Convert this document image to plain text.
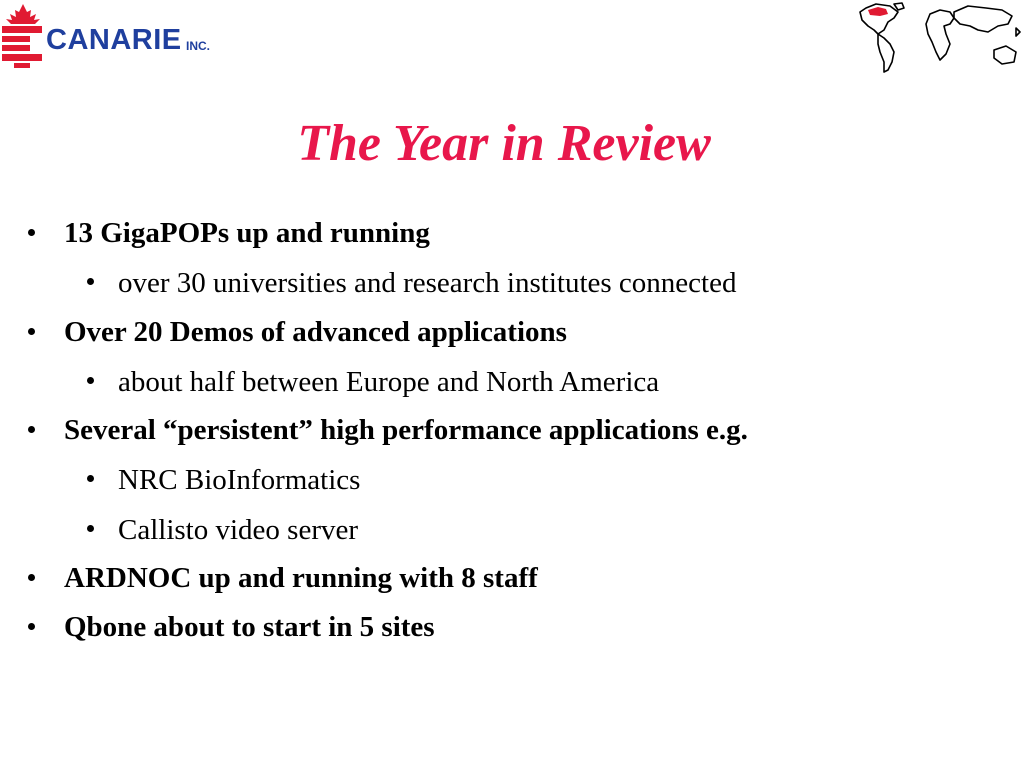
CANARIE INC.
The Year in Review
13 GigaPOPs up and running
over 30 universities and research institutes connected
Over 20 Demos of advanced applications
about half between Europe and North America
Several “persistent” high performance applications e.g.
NRC BioInformatics
Callisto video server
ARDNOC up and running with 8 staff
Qbone about to start in 5 sites
